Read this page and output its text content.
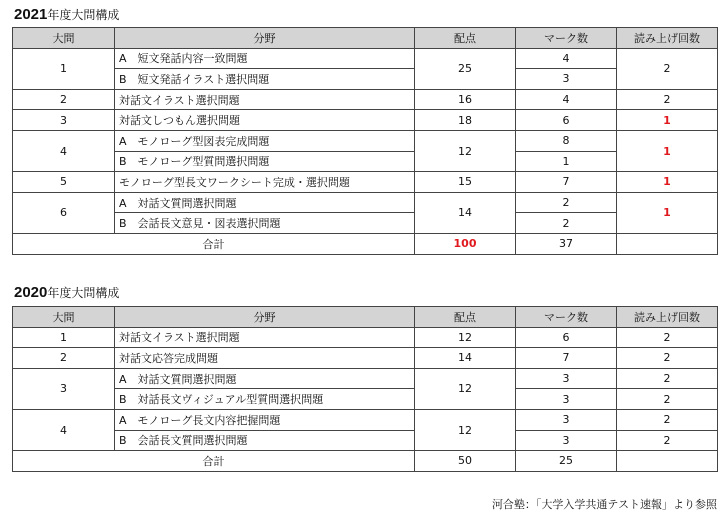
2021年度大問構成
大問	分野	配点	マーク数	読み上げ回数
1	A　短文発話内容一致問題	25	4	2
	B　短文発話イラスト選択問題		3	
2	対話文イラスト選択問題	16	4	2
3	対話文しつもん選択問題	18	6	1
4	A　モノローグ型図表完成問題	12	8	1
	B　モノローグ型質問選択問題		1	
5	モノローグ型長文ワークシート完成・選択問題	15	7	1
6	A　対話文質問選択問題	14	2	1
	B　会話長文意見・図表選択問題		2	
合計		100	37	
2020年度大問構成
大問	分野	配点	マーク数	読み上げ回数
1	対話文イラスト選択問題	12	6	2
2	対話文応答完成問題	14	7	2
3	A　対話文質問選択問題	12	3	2
	B　対話長文ヴィジュアル型質問選択問題		3	2
4	A　モノローグ長文内容把握問題	12	3	2
	B　会話長文質問選択問題		3	2
合計		50	25	
河合塾：「大学入学共通テスト速報」より参照
